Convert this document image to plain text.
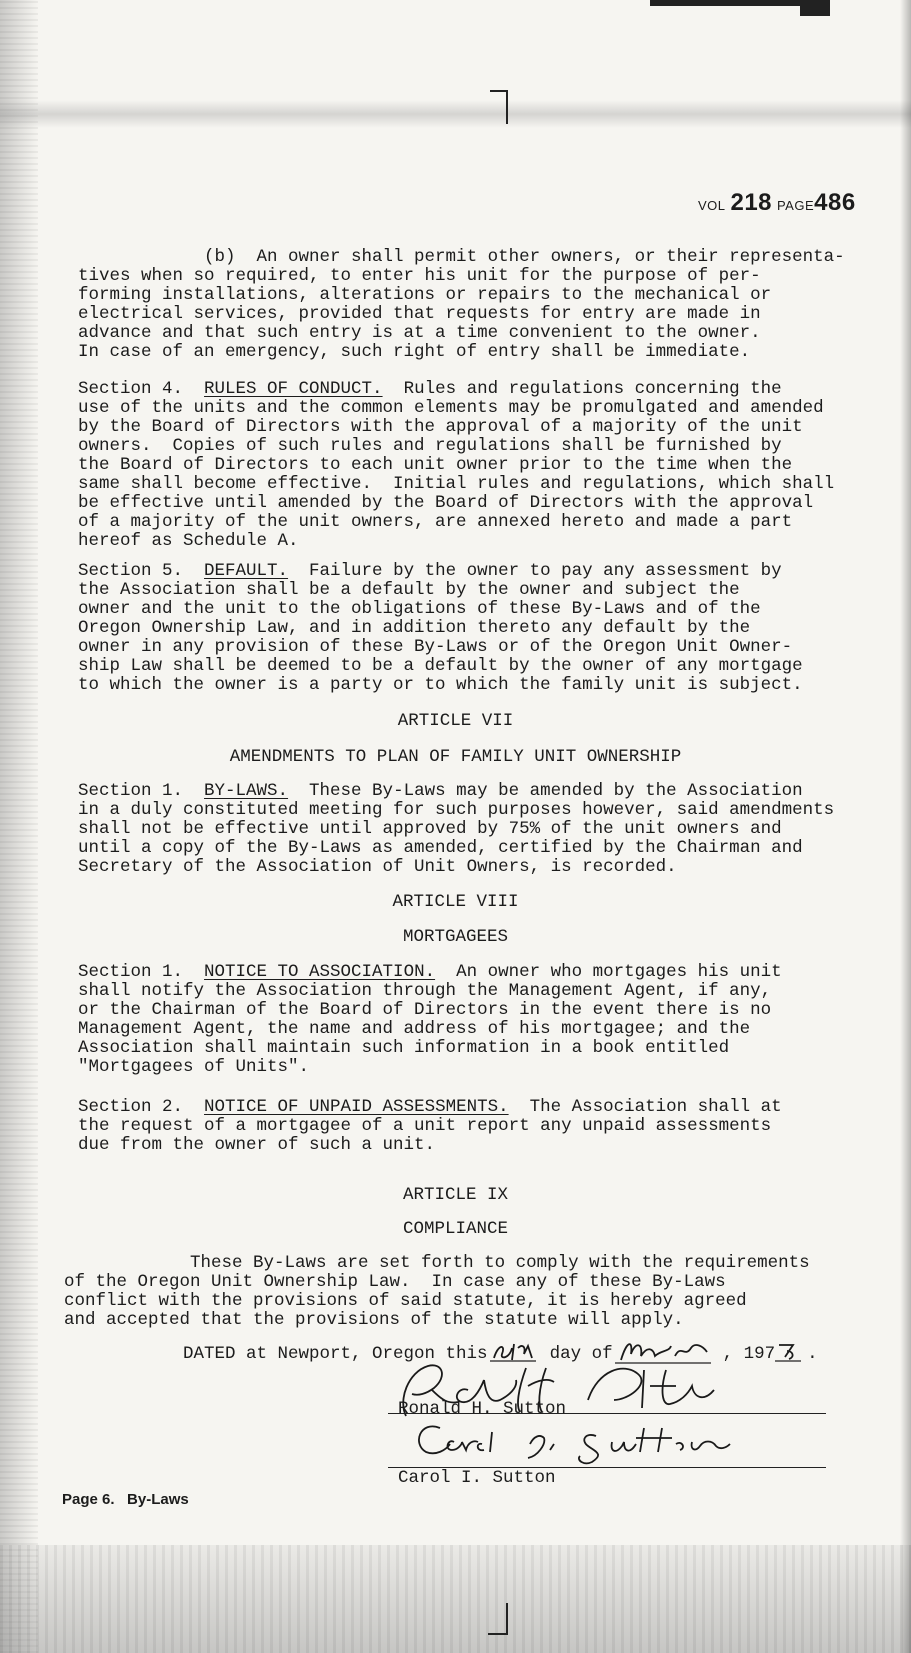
VOL 218 PAGE486
(b)  An owner shall permit other owners, or their representa-
tives when so required, to enter his unit for the purpose of per-
forming installations, alterations or repairs to the mechanical or
electrical services, provided that requests for entry are made in
advance and that such entry is at a time convenient to the owner.
In case of an emergency, such right of entry shall be immediate.
Section 4.  RULES OF CONDUCT.  Rules and regulations concerning the
use of the units and the common elements may be promulgated and amended
by the Board of Directors with the approval of a majority of the unit
owners.  Copies of such rules and regulations shall be furnished by
the Board of Directors to each unit owner prior to the time when the
same shall become effective.  Initial rules and regulations, which shall
be effective until amended by the Board of Directors with the approval
of a majority of the unit owners, are annexed hereto and made a part
hereof as Schedule A.
Section 5.  DEFAULT.  Failure by the owner to pay any assessment by
the Association shall be a default by the owner and subject the
owner and the unit to the obligations of these By-Laws and of the
Oregon Ownership Law, and in addition thereto any default by the
owner in any provision of these By-Laws or of the Oregon Unit Owner-
ship Law shall be deemed to be a default by the owner of any mortgage
to which the owner is a party or to which the family unit is subject.
ARTICLE VII
AMENDMENTS TO PLAN OF FAMILY UNIT OWNERSHIP
Section 1.  BY-LAWS.  These By-Laws may be amended by the Association
in a duly constituted meeting for such purposes however, said amendments
shall not be effective until approved by 75% of the unit owners and
until a copy of the By-Laws as amended, certified by the Chairman and
Secretary of the Association of Unit Owners, is recorded.
ARTICLE VIII
MORTGAGEES
Section 1.  NOTICE TO ASSOCIATION.  An owner who mortgages his unit
shall notify the Association through the Management Agent, if any,
or the Chairman of the Board of Directors in the event there is no
Management Agent, the name and address of his mortgagee; and the
Association shall maintain such information in a book entitled
"Mortgagees of Units".
Section 2.  NOTICE OF UNPAID ASSESSMENTS.  The Association shall at
the request of a mortgagee of a unit report any unpaid assessments
due from the owner of such a unit.
ARTICLE IX
COMPLIANCE
These By-Laws are set forth to comply with the requirements
of the Oregon Unit Ownership Law.  In case any of these By-Laws
conflict with the provisions of said statute, it is hereby agreed
and accepted that the provisions of the statute will apply.
DATED at Newport, Oregon this	day of	, 197 .
Ronald H. Sutton
Carol I. Sutton
Page 6. By-Laws
